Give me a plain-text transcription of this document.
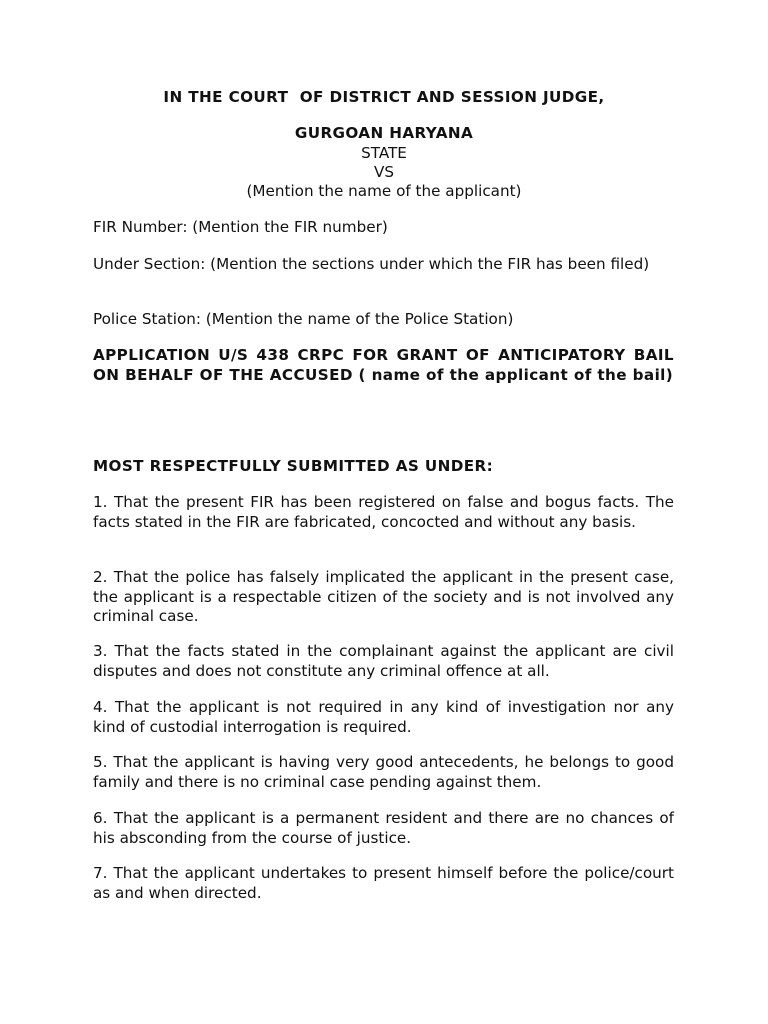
IN THE COURT  OF DISTRICT AND SESSION JUDGE,
GURGOAN HARYANA
STATE
VS
(Mention the name of the applicant)
FIR Number: (Mention the FIR number)
Under Section: (Mention the sections under which the FIR has been filed)
Police Station: (Mention the name of the Police Station)
APPLICATION U/S 438 CRPC FOR GRANT OF ANTICIPATORY BAIL ON BEHALF OF THE ACCUSED ( name of the applicant of the bail)
MOST RESPECTFULLY SUBMITTED AS UNDER:
1. That the present FIR has been registered on false and bogus facts. The facts stated in the FIR are fabricated, concocted and without any basis.
2. That the police has falsely implicated the applicant in the present case, the applicant is a respectable citizen of the society and is not involved any criminal case.
3. That the facts stated in the complainant against the applicant are civil disputes and does not constitute any criminal offence at all.
4. That the applicant is not required in any kind of investigation nor any kind of custodial interrogation is required.
5. That the applicant is having very good antecedents, he belongs to good family and there is no criminal case pending against them.
6. That the applicant is a permanent resident and there are no chances of his absconding from the course of justice.
7. That the applicant undertakes to present himself before the police/court as and when directed.
